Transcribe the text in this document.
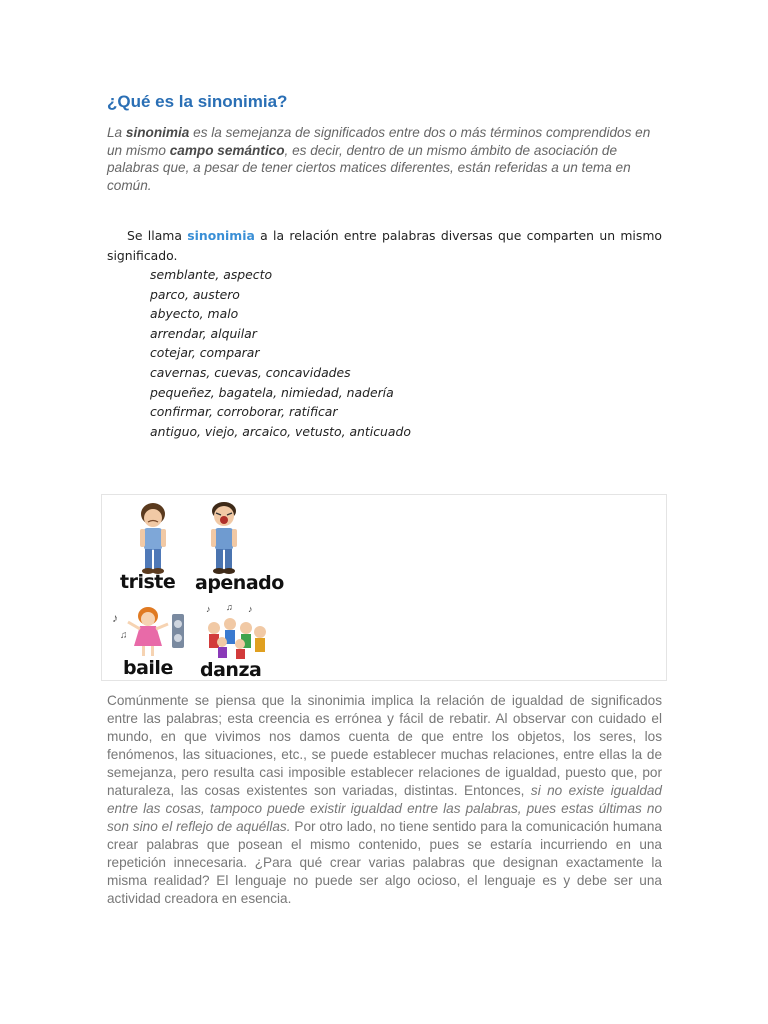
¿Qué es la sinonimia?
La sinonimia es la semejanza de significados entre dos o más términos comprendidos en un mismo campo semántico, es decir, dentro de un mismo ámbito de asociación de palabras que, a pesar de tener ciertos matices diferentes, están referidas a un tema en común.
Se llama sinonimia a la relación entre palabras diversas que comparten un mismo significado.
semblante, aspecto
parco, austero
abyecto, malo
arrendar, alquilar
cotejar, comparar
cavernas, cuevas, concavidades
pequeñez, bagatela, nimiedad, nadería
confirmar, corroborar, ratificar
antiguo, viejo, arcaico, vetusto, anticuado
triste apenado
♪
♫
♪ ♫ ♪
baile danza
Comúnmente se piensa que la sinonimia implica la relación de igualdad de significados entre las palabras; esta creencia es errónea y fácil de rebatir. Al observar con cuidado el mundo, en que vivimos nos damos cuenta de que entre los objetos, los seres, los fenómenos, las situaciones, etc., se puede establecer muchas relaciones, entre ellas la de semejanza, pero resulta casi imposible establecer relaciones de igualdad, puesto que, por naturaleza, las cosas existentes son variadas, distintas. Entonces, si no existe igualdad entre las cosas, tampoco puede existir igualdad entre las palabras, pues estas últimas no son sino el reflejo de aquéllas. Por otro lado, no tiene sentido para la comunicación humana crear palabras que posean el mismo contenido, pues se estaría incurriendo en una repetición innecesaria. ¿Para qué crear varias palabras que designan exactamente la misma realidad? El lenguaje no puede ser algo ocioso, el lenguaje es y debe ser una actividad creadora en esencia.
